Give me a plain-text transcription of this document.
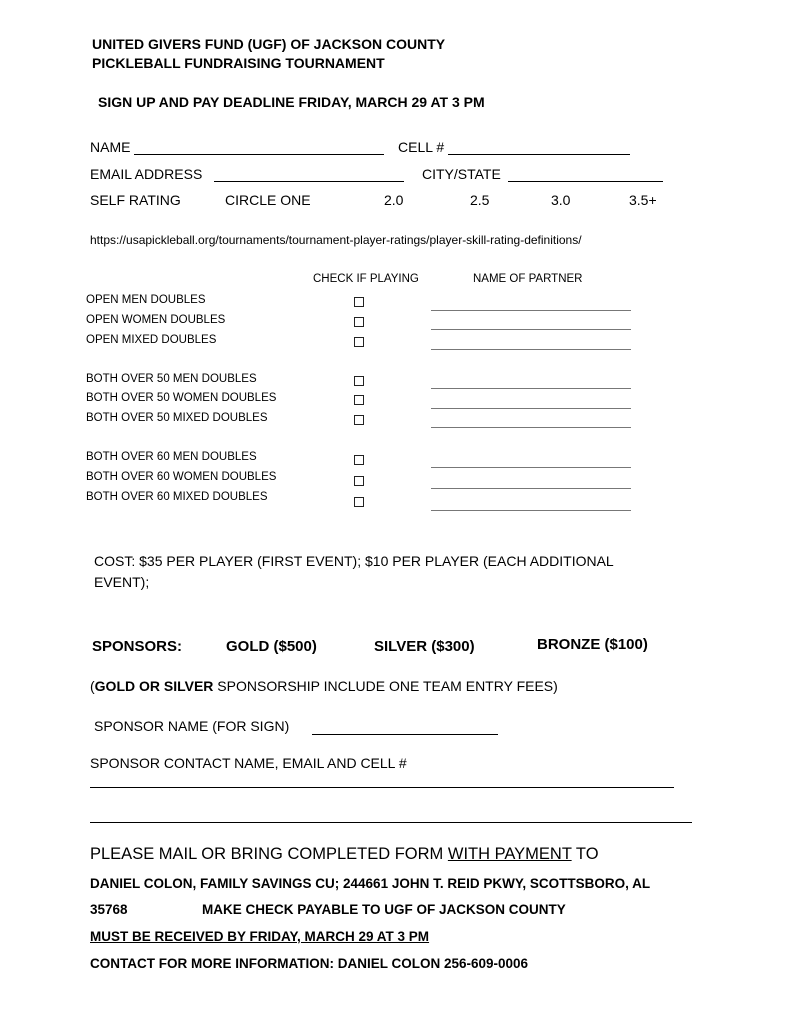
UNITED GIVERS FUND (UGF) OF JACKSON COUNTY
PICKLEBALL FUNDRAISING TOURNAMENT
SIGN UP AND PAY DEADLINE FRIDAY, MARCH 29 AT 3 PM
NAME	CELL #
EMAIL ADDRESS	CITY/STATE
SELF RATING	CIRCLE ONE	2.0	2.5	3.0	3.5+
https://usapickleball.org/tournaments/tournament-player-ratings/player-skill-rating-definitions/
CHECK IF PLAYING	NAME OF PARTNER
OPEN MEN DOUBLES
OPEN WOMEN DOUBLES
OPEN MIXED DOUBLES
BOTH OVER 50 MEN DOUBLES
BOTH OVER 50 WOMEN DOUBLES
BOTH OVER 50 MIXED DOUBLES
BOTH OVER 60 MEN DOUBLES
BOTH OVER 60 WOMEN DOUBLES
BOTH OVER 60 MIXED DOUBLES
COST: $35 PER PLAYER (FIRST EVENT); $10 PER PLAYER (EACH ADDITIONAL
EVENT);
SPONSORS:	GOLD ($500)	SILVER ($300)	BRONZE ($100)
(GOLD OR SILVER SPONSORSHIP INCLUDE ONE TEAM ENTRY FEES)
SPONSOR NAME (FOR SIGN)
SPONSOR CONTACT NAME, EMAIL AND CELL #
PLEASE MAIL OR BRING COMPLETED FORM WITH PAYMENT TO
DANIEL COLON, FAMILY SAVINGS CU; 244661 JOHN T. REID PKWY, SCOTTSBORO, AL
35768	MAKE CHECK PAYABLE TO UGF OF JACKSON COUNTY
MUST BE RECEIVED BY FRIDAY, MARCH 29 AT 3 PM
CONTACT FOR MORE INFORMATION: DANIEL COLON 256-609-0006
